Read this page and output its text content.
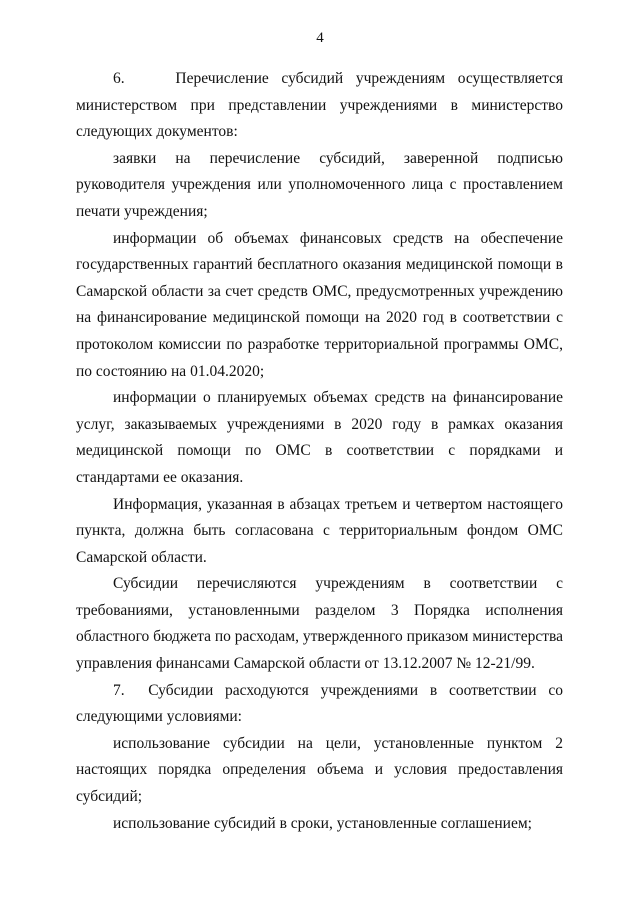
4

6.    Перечисление субсидий учреждениям осуществляется министерством при представлении учреждениями в министерство следующих документов:

заявки на перечисление субсидий, заверенной подписью руководителя учреждения или уполномоченного лица с проставлением печати учреждения;

информации об объемах финансовых средств на обеспечение государственных гарантий бесплатного оказания медицинской помощи в Самарской области за счет средств ОМС, предусмотренных учреждению на финансирование медицинской помощи на 2020 год в соответствии с протоколом комиссии по разработке территориальной программы ОМС, по состоянию на 01.04.2020;

информации о планируемых объемах средств на финансирование услуг, заказываемых учреждениями в 2020 году в рамках оказания медицинской помощи по ОМС в соответствии с порядками и стандартами ее оказания.

Информация, указанная в абзацах третьем и четвертом настоящего пункта, должна быть согласована с территориальным фондом ОМС Самарской области.

Субсидии перечисляются учреждениям в соответствии с требованиями, установленными разделом 3 Порядка исполнения областного бюджета по расходам, утвержденного приказом министерства управления финансами Самарской области от 13.12.2007 № 12-21/99.

7.  Субсидии расходуются учреждениями в соответствии со следующими условиями:

использование субсидии на цели, установленные пунктом 2 настоящих порядка определения объема и условия предоставления субсидий;

использование субсидий в сроки, установленные соглашением;
